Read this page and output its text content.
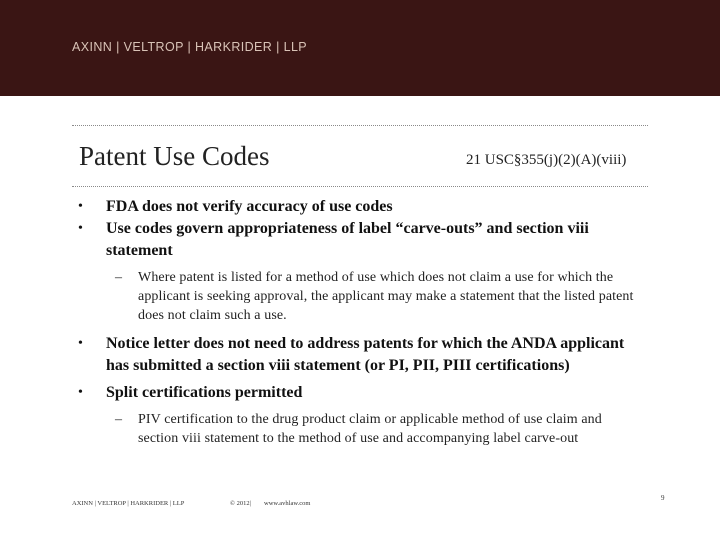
AXINN | VELTROP | HARKRIDER | LLP
Patent Use Codes	21 USC§355(j)(2)(A)(viii)
• FDA does not verify accuracy of use codes
• Use codes govern appropriateness of label “carve-outs” and section viii statement
– Where patent is listed for a method of use which does not claim a use for which the applicant is seeking approval, the applicant may make a statement that the listed patent does not claim such a use.
• Notice letter does not need to address patents for which the ANDA applicant has submitted a section viii statement (or PI, PII, PIII certifications)
• Split certifications permitted
– PIV certification to the drug product claim or applicable method of use claim and section viii statement to the method of use and accompanying label carve-out
AXINN | VELTROP | HARKRIDER | LLP	© 2012 | www.avhlaw.com
9
